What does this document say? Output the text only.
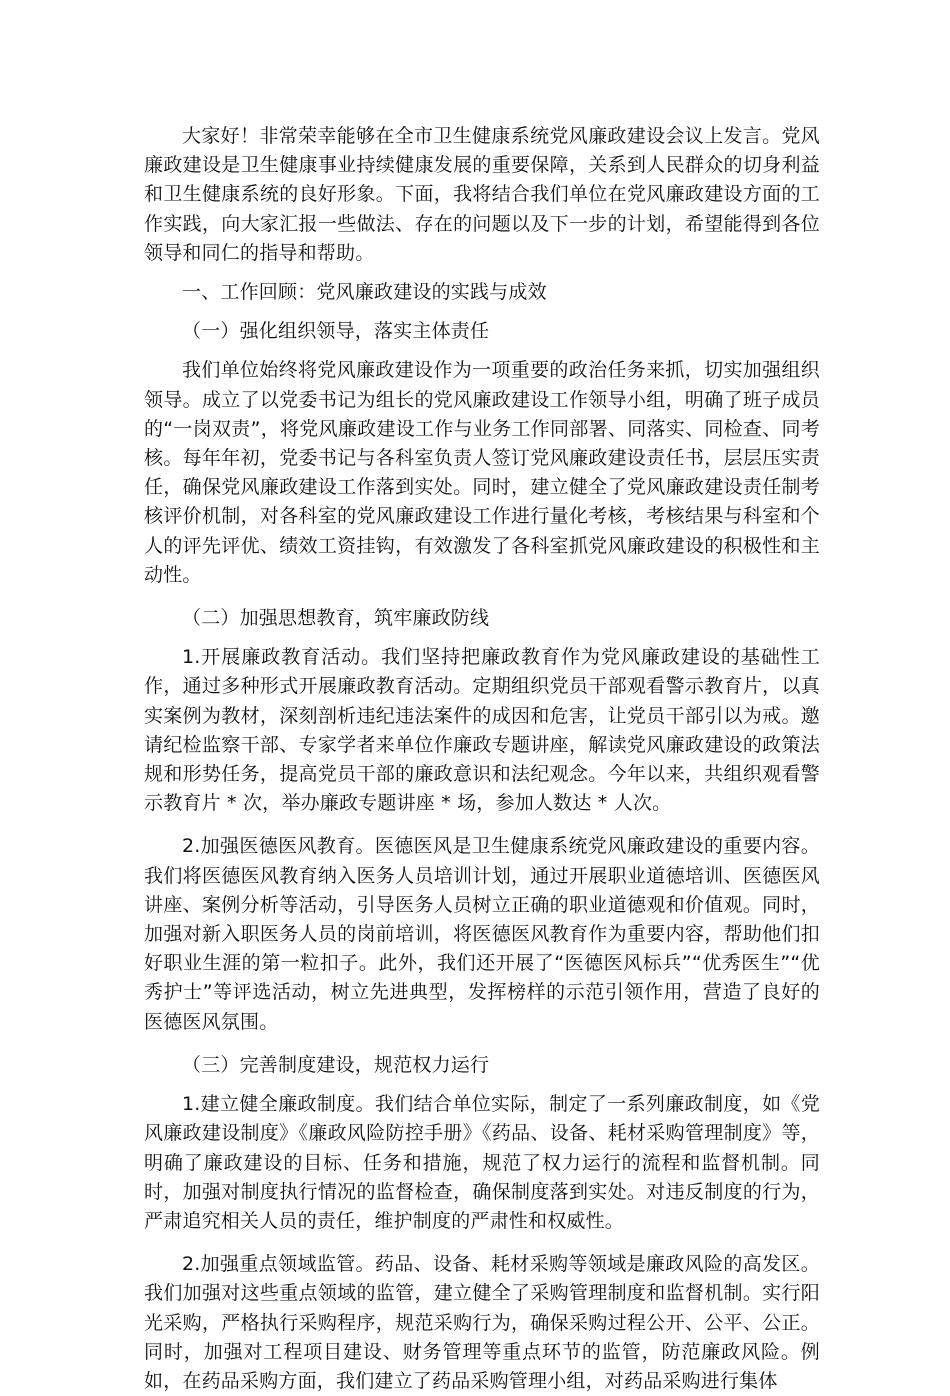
大家好！非常荣幸能够在全市卫生健康系统党风廉政建设会议上发言。党风廉政建设是卫生健康事业持续健康发展的重要保障，关系到人民群众的切身利益和卫生健康系统的良好形象。下面，我将结合我们单位在党风廉政建设方面的工作实践，向大家汇报一些做法、存在的问题以及下一步的计划，希望能得到各位领导和同仁的指导和帮助。

一、工作回顾：党风廉政建设的实践与成效

（一）强化组织领导，落实主体责任

我们单位始终将党风廉政建设作为一项重要的政治任务来抓，切实加强组织领导。成立了以党委书记为组长的党风廉政建设工作领导小组，明确了班子成员的“一岗双责”，将党风廉政建设工作与业务工作同部署、同落实、同检查、同考核。每年年初，党委书记与各科室负责人签订党风廉政建设责任书，层层压实责任，确保党风廉政建设工作落到实处。同时，建立健全了党风廉政建设责任制考核评价机制，对各科室的党风廉政建设工作进行量化考核，考核结果与科室和个人的评先评优、绩效工资挂钩，有效激发了各科室抓党风廉政建设的积极性和主动性。

（二）加强思想教育，筑牢廉政防线

1.开展廉政教育活动。我们坚持把廉政教育作为党风廉政建设的基础性工作，通过多种形式开展廉政教育活动。定期组织党员干部观看警示教育片，以真实案例为教材，深刻剖析违纪违法案件的成因和危害，让党员干部引以为戒。邀请纪检监察干部、专家学者来单位作廉政专题讲座，解读党风廉政建设的政策法规和形势任务，提高党员干部的廉政意识和法纪观念。今年以来，共组织观看警示教育片 * 次，举办廉政专题讲座 * 场，参加人数达 * 人次。

2.加强医德医风教育。医德医风是卫生健康系统党风廉政建设的重要内容。我们将医德医风教育纳入医务人员培训计划，通过开展职业道德培训、医德医风讲座、案例分析等活动，引导医务人员树立正确的职业道德观和价值观。同时，加强对新入职医务人员的岗前培训，将医德医风教育作为重要内容，帮助他们扣好职业生涯的第一粒扣子。此外，我们还开展了“医德医风标兵”“优秀医生”“优秀护士”等评选活动，树立先进典型，发挥榜样的示范引领作用，营造了良好的医德医风氛围。

（三）完善制度建设，规范权力运行

1.建立健全廉政制度。我们结合单位实际，制定了一系列廉政制度，如《党风廉政建设制度》《廉政风险防控手册》《药品、设备、耗材采购管理制度》等，明确了廉政建设的目标、任务和措施，规范了权力运行的流程和监督机制。同时，加强对制度执行情况的监督检查，确保制度落到实处。对违反制度的行为，严肃追究相关人员的责任，维护制度的严肃性和权威性。

2.加强重点领域监管。药品、设备、耗材采购等领域是廉政风险的高发区。我们加强对这些重点领域的监管，建立健全了采购管理制度和监督机制。实行阳光采购，严格执行采购程序，规范采购行为，确保采购过程公开、公平、公正。同时，加强对工程项目建设、财务管理等重点环节的监管，防范廉政风险。例如，在药品采购方面，我们建立了药品采购管理小组，对药品采购进行集体
